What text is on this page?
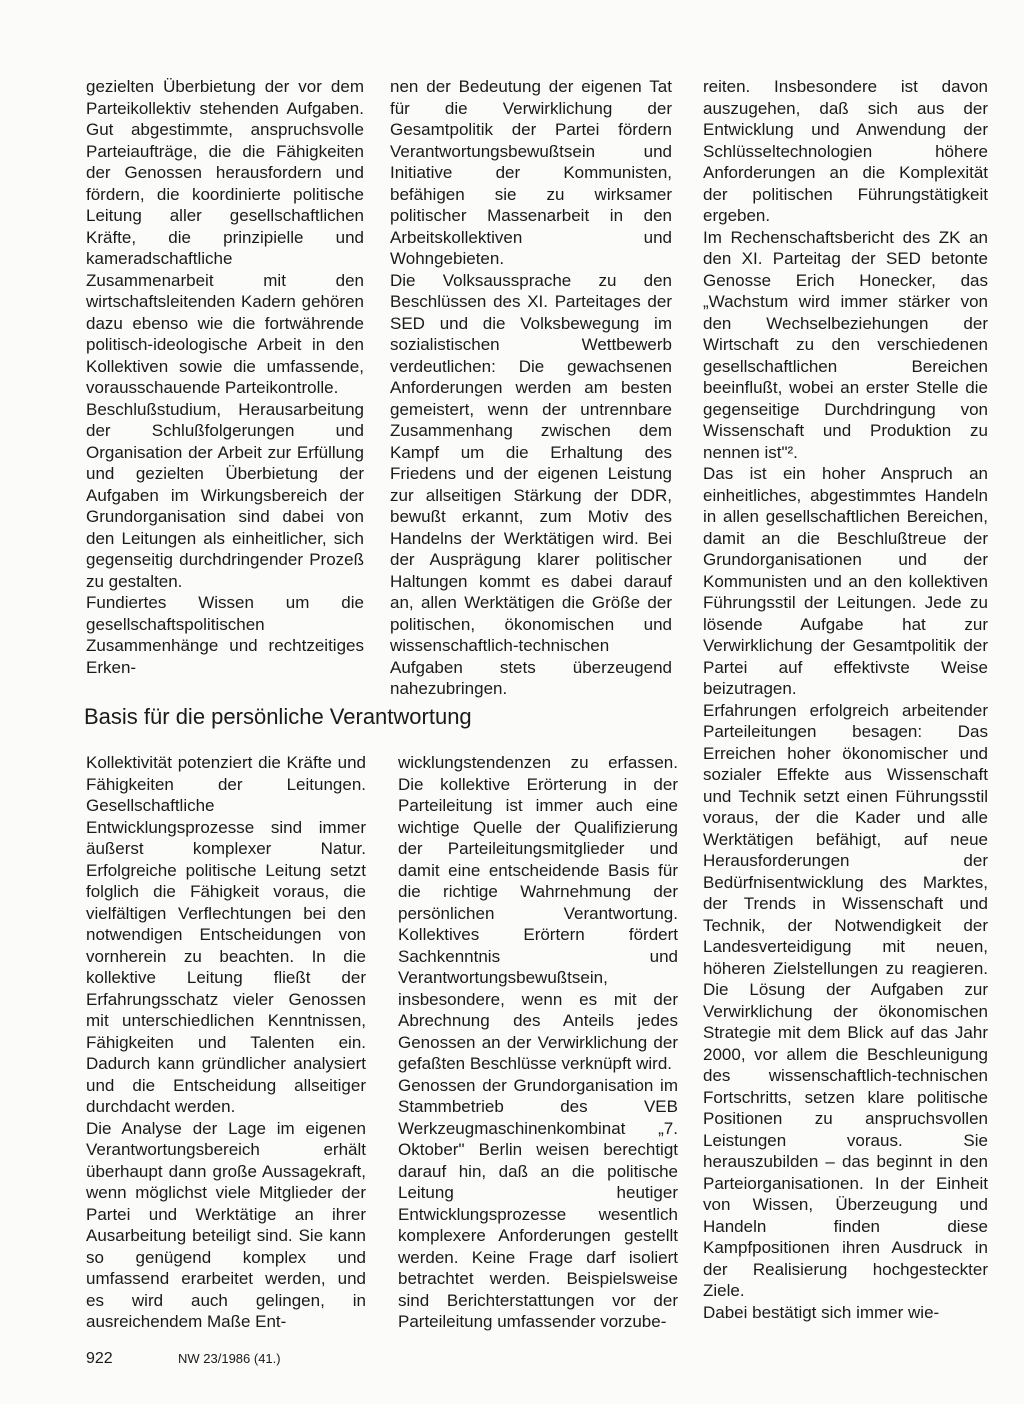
gezielten Überbietung der vor dem Parteikollektiv stehenden Aufgaben. Gut abgestimmte, anspruchsvolle Parteiaufträge, die die Fähigkeiten der Genossen herausfordern und fördern, die koordinierte politische Leitung aller gesellschaftlichen Kräfte, die prinzipielle und kameradschaftliche Zusammenarbeit mit den wirtschaftsleitenden Kadern gehören dazu ebenso wie die fortwährende politisch-ideologische Arbeit in den Kollektiven sowie die umfassende, vorausschauende Parteikontrolle.

Beschlußstudium, Herausarbeitung der Schlußfolgerungen und Organisation der Arbeit zur Erfüllung und gezielten Überbietung der Aufgaben im Wirkungsbereich der Grundorganisation sind dabei von den Leitungen als einheitlicher, sich gegenseitig durchdringender Prozeß zu gestalten.

Fundiertes Wissen um die gesellschaftspolitischen Zusammenhänge und rechtzeitiges Erken-

nen der Bedeutung der eigenen Tat für die Verwirklichung der Gesamtpolitik der Partei fördern Verantwortungsbewußtsein und Initiative der Kommunisten, befähigen sie zu wirksamer politischer Massenarbeit in den Arbeitskollektiven und Wohngebieten.

Die Volksaussprache zu den Beschlüssen des XI. Parteitages der SED und die Volksbewegung im sozialistischen Wettbewerb verdeutlichen: Die gewachsenen Anforderungen werden am besten gemeistert, wenn der untrennbare Zusammenhang zwischen dem Kampf um die Erhaltung des Friedens und der eigenen Leistung zur allseitigen Stärkung der DDR, bewußt erkannt, zum Motiv des Handelns der Werktätigen wird. Bei der Ausprägung klarer politischer Haltungen kommt es dabei darauf an, allen Werktätigen die Größe der politischen, ökonomischen und wissenschaftlich-technischen Aufgaben stets überzeugend nahezubringen.

Basis für die persönliche Verantwortung

Kollektivität potenziert die Kräfte und Fähigkeiten der Leitungen. Gesellschaftliche Entwicklungsprozesse sind immer äußerst komplexer Natur. Erfolgreiche politische Leitung setzt folglich die Fähigkeit voraus, die vielfältigen Verflechtungen bei den notwendigen Entscheidungen von vornherein zu beachten. In die kollektive Leitung fließt der Erfahrungsschatz vieler Genossen mit unterschiedlichen Kenntnissen, Fähigkeiten und Talenten ein. Dadurch kann gründlicher analysiert und die Entscheidung allseitiger durchdacht werden.

Die Analyse der Lage im eigenen Verantwortungsbereich erhält überhaupt dann große Aussagekraft, wenn möglichst viele Mitglieder der Partei und Werktätige an ihrer Ausarbeitung beteiligt sind. Sie kann so genügend komplex und umfassend erarbeitet werden, und es wird auch gelingen, in ausreichendem Maße Ent-

wicklungstendenzen zu erfassen. Die kollektive Erörterung in der Parteileitung ist immer auch eine wichtige Quelle der Qualifizierung der Parteileitungsmitglieder und damit eine entscheidende Basis für die richtige Wahrnehmung der persönlichen Verantwortung. Kollektives Erörtern fördert Sachkenntnis und Verantwortungsbewußtsein, insbesondere, wenn es mit der Abrechnung des Anteils jedes Genossen an der Verwirklichung der gefaßten Beschlüsse verknüpft wird.

Genossen der Grundorganisation im Stammbetrieb des VEB Werkzeugmaschinenkombinat „7. Oktober" Berlin weisen berechtigt darauf hin, daß an die politische Leitung heutiger Entwicklungsprozesse wesentlich komplexere Anforderungen gestellt werden. Keine Frage darf isoliert betrachtet werden. Beispielsweise sind Berichterstattungen vor der Parteileitung umfassender vorzube-

reiten. Insbesondere ist davon auszugehen, daß sich aus der Entwicklung und Anwendung der Schlüsseltechnologien höhere Anforderungen an die Komplexität der politischen Führungstätigkeit ergeben.

Im Rechenschaftsbericht des ZK an den XI. Parteitag der SED betonte Genosse Erich Honecker, das „Wachstum wird immer stärker von den Wechselbeziehungen der Wirtschaft zu den verschiedenen gesellschaftlichen Bereichen beeinflußt, wobei an erster Stelle die gegenseitige Durchdringung von Wissenschaft und Produktion zu nennen ist"².

Das ist ein hoher Anspruch an einheitliches, abgestimmtes Handeln in allen gesellschaftlichen Bereichen, damit an die Beschlußtreue der Grundorganisationen und der Kommunisten und an den kollektiven Führungsstil der Leitungen. Jede zu lösende Aufgabe hat zur Verwirklichung der Gesamtpolitik der Partei auf effektivste Weise beizutragen.

Erfahrungen erfolgreich arbeitender Parteileitungen besagen: Das Erreichen hoher ökonomischer und sozialer Effekte aus Wissenschaft und Technik setzt einen Führungsstil voraus, der die Kader und alle Werktätigen befähigt, auf neue Herausforderungen der Bedürfnisentwicklung des Marktes, der Trends in Wissenschaft und Technik, der Notwendigkeit der Landesverteidigung mit neuen, höheren Zielstellungen zu reagieren. Die Lösung der Aufgaben zur Verwirklichung der ökonomischen Strategie mit dem Blick auf das Jahr 2000, vor allem die Beschleunigung des wissenschaftlich-technischen Fortschritts, setzen klare politische Positionen zu anspruchsvollen Leistungen voraus. Sie herauszubilden – das beginnt in den Parteiorganisationen. In der Einheit von Wissen, Überzeugung und Handeln finden diese Kampfpositionen ihren Ausdruck in der Realisierung hochgesteckter Ziele.

Dabei bestätigt sich immer wie-

922	NW 23/1986 (41.)
